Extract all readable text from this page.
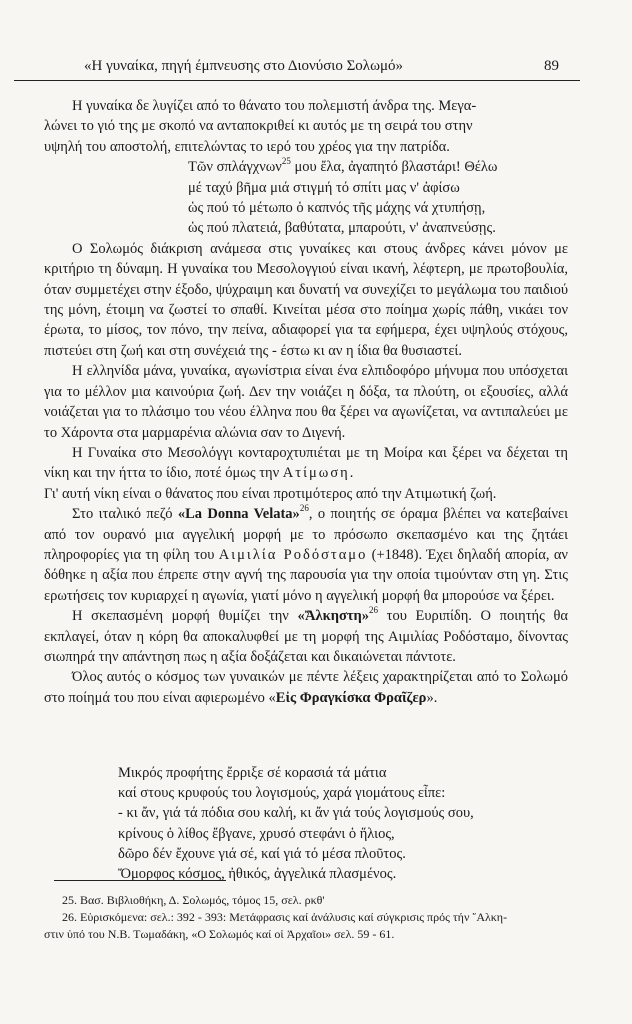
«Η γυναίκα, πηγή έμπνευσης στο Διονύσιο Σολωμό»	89

Η γυναίκα δε λυγίζει από το θάνατο του πολεμιστή άνδρα της. Μεγα-
λώνει το γιό της με σκοπό να ανταποκριθεί κι αυτός με τη σειρά του στην
υψηλή του αποστολή, επιτελώντας το ιερό του χρέος για την πατρίδα.

Τῶν σπλάγχνων$^{25}$ μου ἔλα, ἀγαπητό βλαστάρι! Θέλω
μέ ταχύ βῆμα μιά στιγμή τό σπίτι μας ν' ἀφίσω
ὡς πού τό μέτωπο ὁ καπνός τῆς μάχης νά χτυπήσῃ,
ὡς πού πλατειά, βαθύτατα, μπαρούτι, ν' ἀναπνεύσῃς.

Ο Σολωμός διάκριση ανάμεσα στις γυναίκες και στους άνδρες κάνει μόνον με κριτήριο τη δύναμη. Η γυναίκα του Μεσολογγιού είναι ικανή, λέφτερη, με πρωτοβουλία, όταν συμμετέχει στην έξοδο, ψύχραιμη και δυνατή να συνεχίζει το μεγάλωμα του παιδιού της μόνη, έτοιμη να ζωστεί το σπαθί. Κινείται μέσα στο ποίημα χωρίς πάθη, νικάει τον έρωτα, το μίσος, τον πόνο, την πείνα, αδιαφορεί για τα εφήμερα, έχει υψηλούς στόχους, πιστεύει στη ζωή και στη συνέχειά της - έστω κι αν η ίδια θα θυσιαστεί.

Η ελληνίδα μάνα, γυναίκα, αγωνίστρια είναι ένα ελπιδοφόρο μήνυμα που υπόσχεται για το μέλλον μια καινούρια ζωή. Δεν την νοιάζει η δόξα, τα πλούτη, οι εξουσίες, αλλά νοιάζεται για το πλάσιμο του νέου έλληνα που θα ξέρει να αγωνίζεται, να αντιπαλεύει με το Χάροντα στα μαρμαρένια αλώνια σαν το Διγενή.

Η Γυναίκα στο Μεσολόγγι κονταροχτυπιέται με τη Μοίρα και ξέρει να δέχεται τη νίκη και την ήττα το ίδιο, ποτέ όμως την Ατίμωση.

Γι' αυτή νίκη είναι ο θάνατος που είναι προτιμότερος από την Ατιμωτική ζωή.

Στο ιταλικό πεζό «La Donna Velata»$^{26}$, ο ποιητής σε όραμα βλέπει να κατεβαίνει από τον ουρανό μια αγγελική μορφή με το πρόσωπο σκεπασμένο και της ζητάει πληροφορίες για τη φίλη του Αιμιλία Ροδόσταμο (+1848). Έχει δηλαδή απορία, αν δόθηκε η αξία που έπρεπε στην αγνή της παρουσία για την οποία τιμούνταν στη γη. Στις ερωτήσεις τον κυριαρχεί η αγωνία, γιατί μόνο η αγγελική μορφή θα μπορούσε να ξέρει.

Η σκεπασμένη μορφή θυμίζει την «Ἄλκηστη»$^{26}$ του Ευριπίδη. Ο ποιητής θα εκπλαγεί, όταν η κόρη θα αποκαλυφθεί με τη μορφή της Αιμιλίας Ροδόσταμο, δίνοντας σιωπηρά την απάντηση πως η αξία δοξάζεται και δικαιώνεται πάντοτε.

Όλος αυτός ο κόσμος των γυναικών με πέντε λέξεις χαρακτηρίζεται από το Σολωμό στο ποίημά του που είναι αφιερωμένο «Εἰς Φραγκίσκα Φραῖζερ».

Μικρός προφήτης ἔρριξε σέ κορασιά τά μάτια
καί στους κρυφούς του λογισμούς, χαρά γιομάτους εἶπε:
- κι ἄν, γιά τά πόδια σου καλή, κι ἄν γιά τούς λογισμούς σου,
κρίνους ὁ λίθος ἔβγανε, χρυσό στεφάνι ὁ ἥλιος,
δῶρο δέν ἔχουνε γιά σέ, καί γιά τό μέσα πλοῦτος.
Ὄμορφος κόσμος, ἠθικός, ἀγγελικά πλασμένος.
25. Βασ. Βιβλιοθήκη, Δ. Σολωμός, τόμος 15, σελ. ρκθ'
26. Εὑρισκόμενα: σελ.: 392 - 393: Μετάφρασις καί ἀνάλυσις καί σύγκρισις πρός τήν ῞Αλκη-
στιν ὑπό του Ν.Β. Τωμαδάκη, «Ο Σολωμός καί οἱ Ἀρχαῖοι» σελ. 59 - 61.
